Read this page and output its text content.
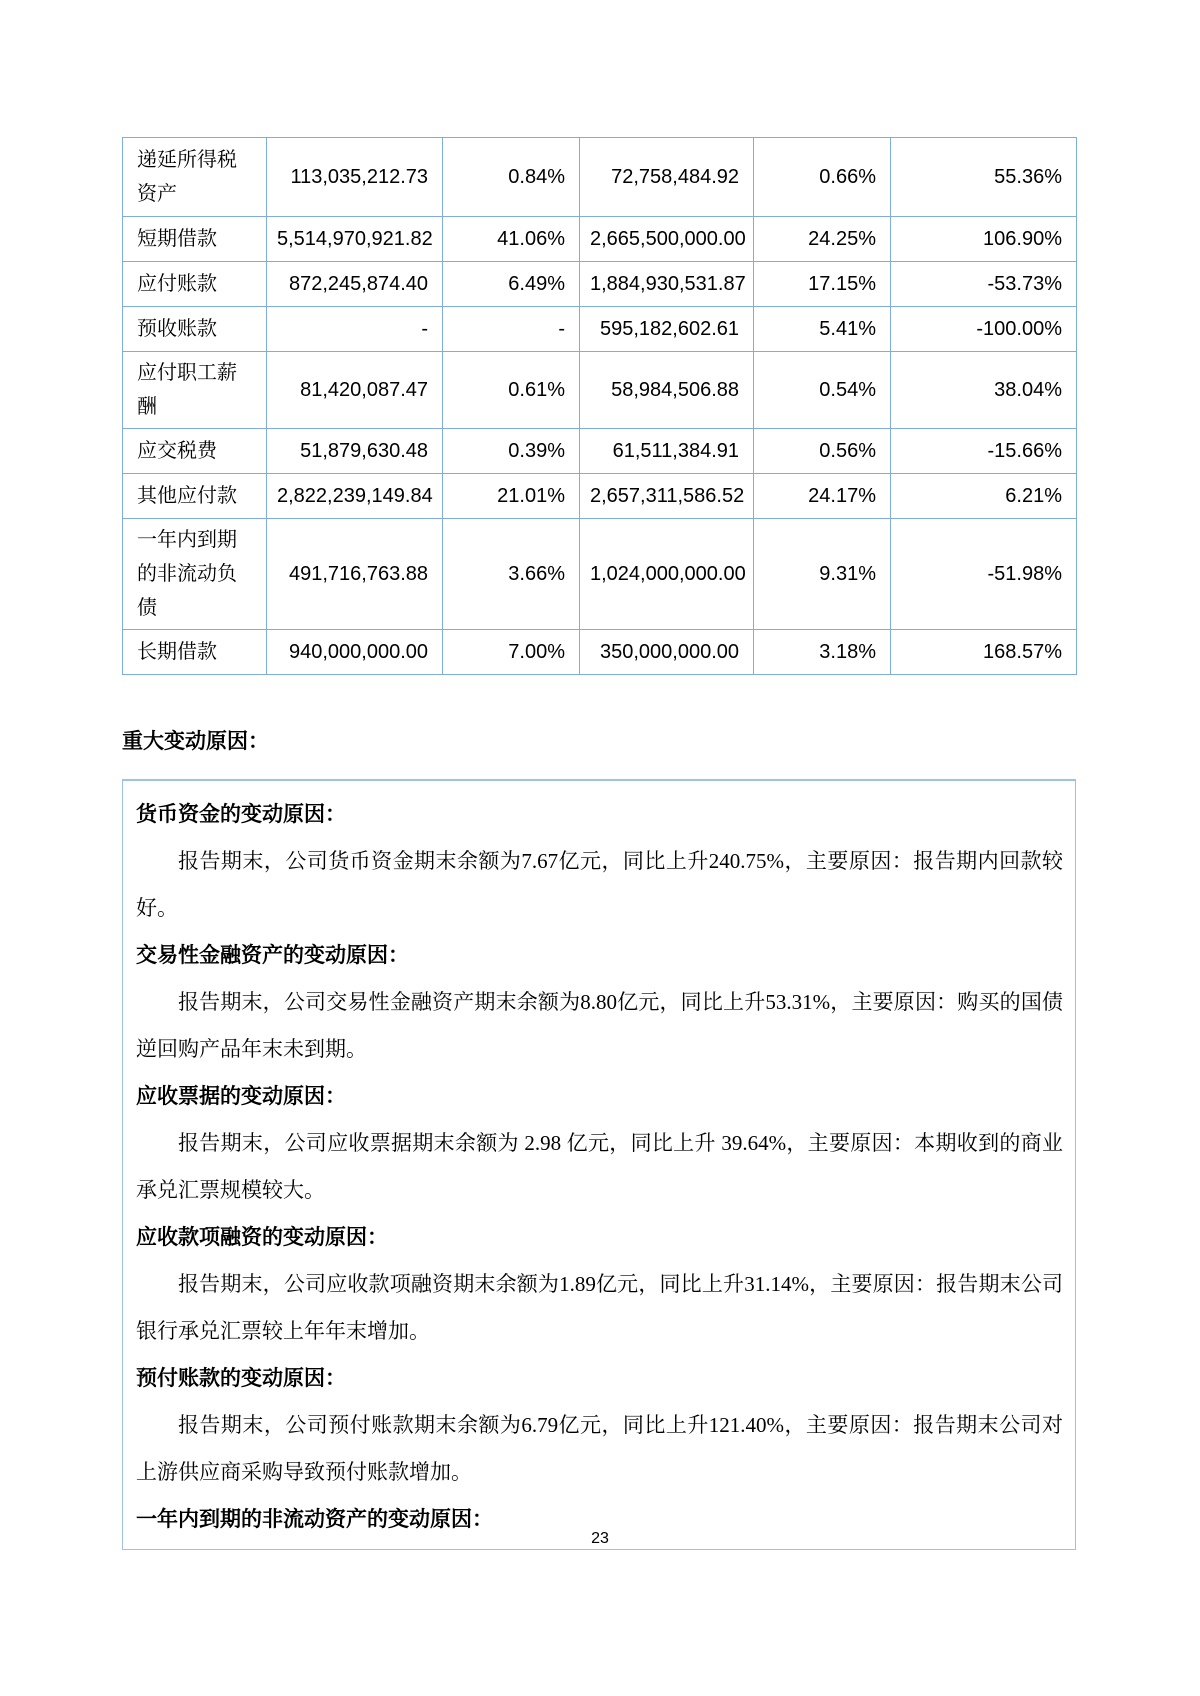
递延所得税资产	113,035,212.73	0.84%	72,758,484.92	0.66%	55.36%
短期借款	5,514,970,921.82	41.06%	2,665,500,000.00	24.25%	106.90%
应付账款	872,245,874.40	6.49%	1,884,930,531.87	17.15%	-53.73%
预收账款	-	-	595,182,602.61	5.41%	-100.00%
应付职工薪酬	81,420,087.47	0.61%	58,984,506.88	0.54%	38.04%
应交税费	51,879,630.48	0.39%	61,511,384.91	0.56%	-15.66%
其他应付款	2,822,239,149.84	21.01%	2,657,311,586.52	24.17%	6.21%
一年内到期的非流动负债	491,716,763.88	3.66%	1,024,000,000.00	9.31%	-51.98%
长期借款	940,000,000.00	7.00%	350,000,000.00	3.18%	168.57%
重大变动原因：
货币资金的变动原因：

报告期末，公司货币资金期末余额为7.67亿元，同比上升240.75%，主要原因：报告期内回款较好。

交易性金融资产的变动原因：

报告期末，公司交易性金融资产期末余额为8.80亿元，同比上升53.31%，主要原因：购买的国债逆回购产品年末未到期。

应收票据的变动原因：

报告期末，公司应收票据期末余额为 2.98 亿元，同比上升 39.64%，主要原因：本期收到的商业承兑汇票规模较大。

应收款项融资的变动原因：

报告期末，公司应收款项融资期末余额为1.89亿元，同比上升31.14%，主要原因：报告期末公司银行承兑汇票较上年年末增加。

预付账款的变动原因：

报告期末，公司预付账款期末余额为6.79亿元，同比上升121.40%，主要原因：报告期末公司对上游供应商采购导致预付账款增加。

一年内到期的非流动资产的变动原因：
23
